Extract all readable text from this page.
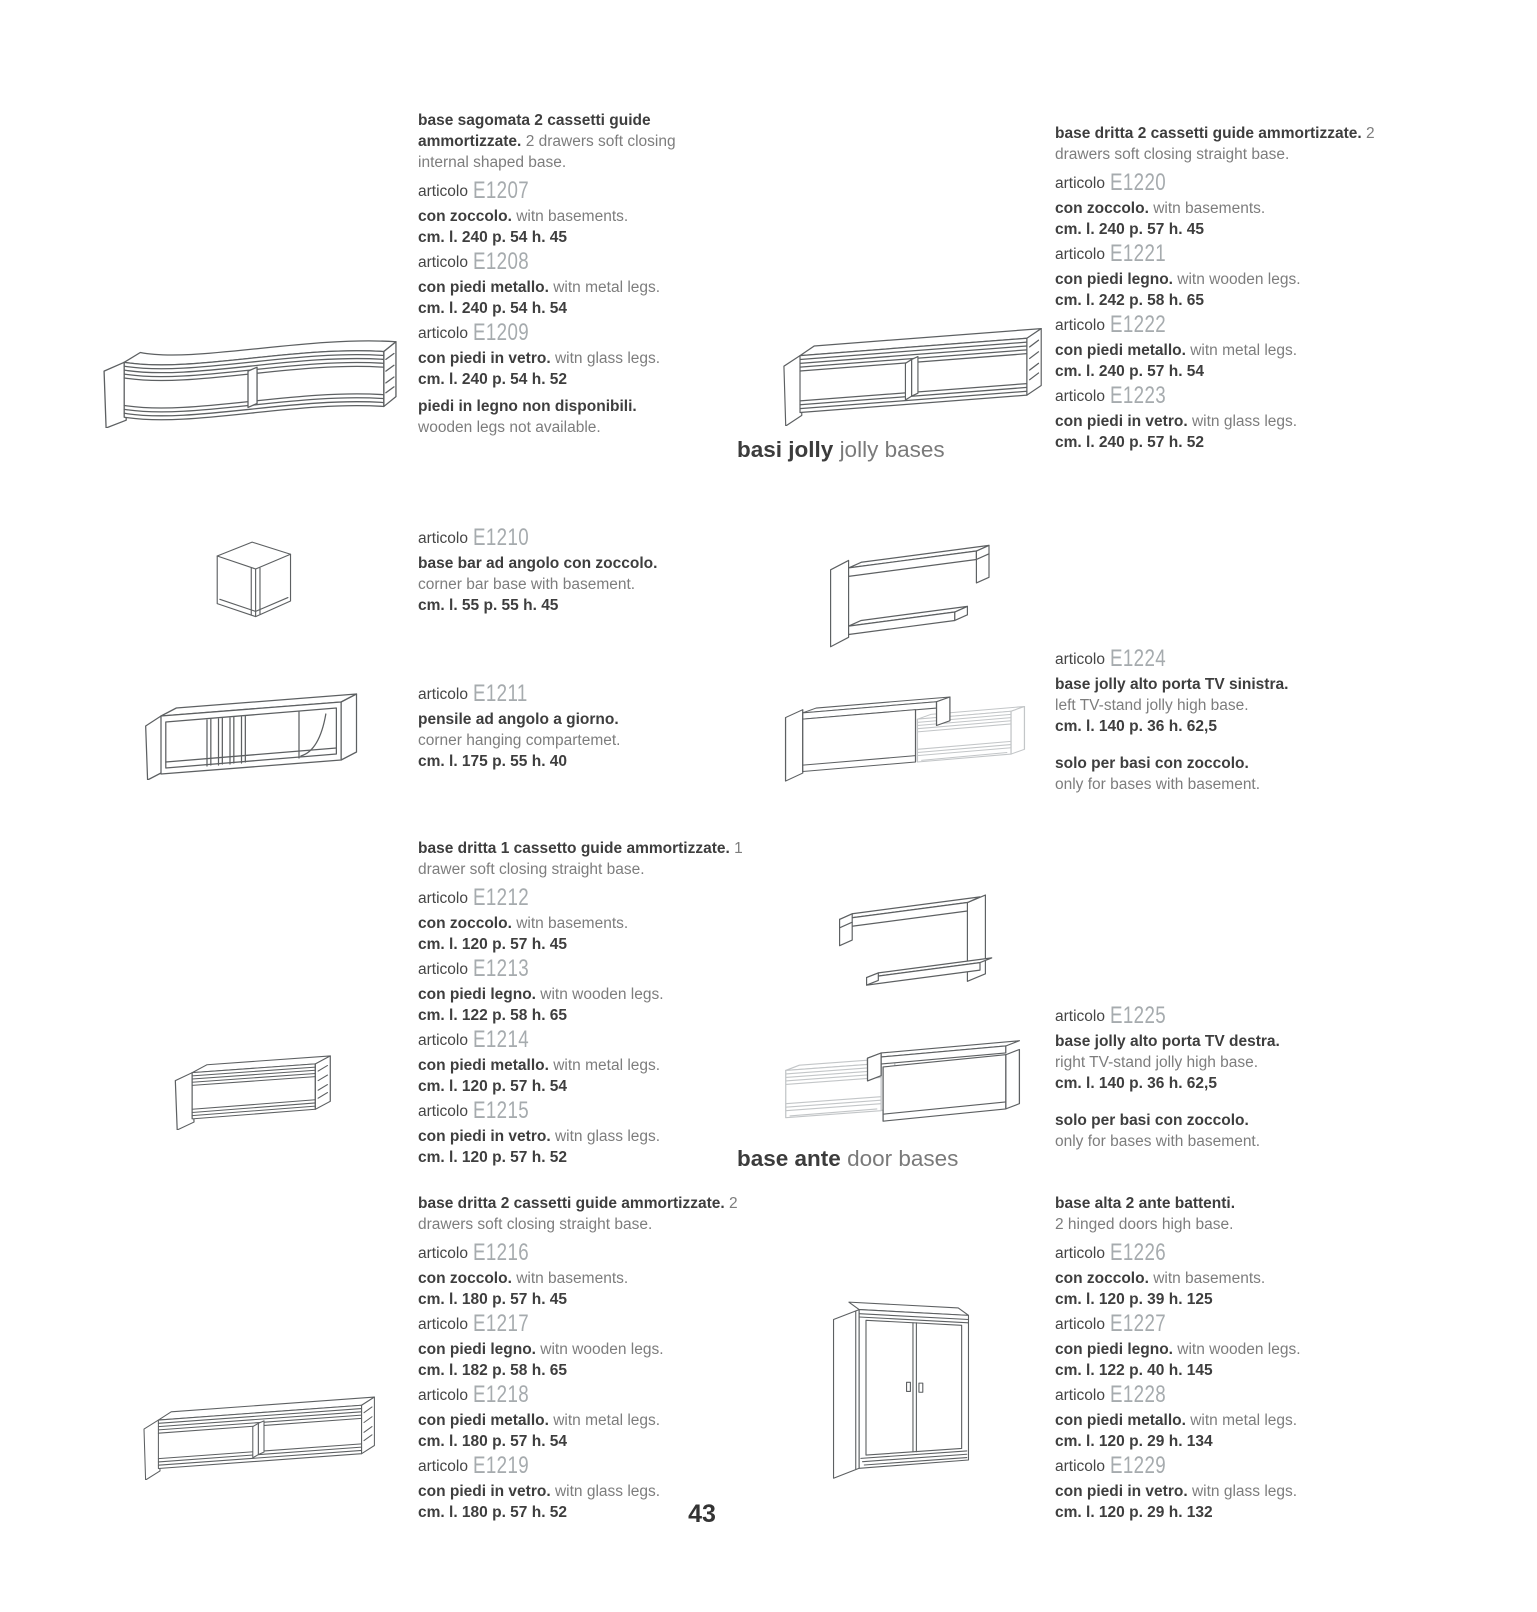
basi jolly jolly bases
base ante door bases
base sagomata 2 cassetti guide ammortizzate. 2 drawers soft closing internal shaped base.
articolo E1207
con zoccolo. witn basements.
cm. l. 240 p. 54 h. 45
articolo E1208
con piedi metallo. witn metal legs.
cm. l. 240 p. 54 h. 54
articolo E1209
con piedi in vetro. witn glass legs.
cm. l. 240 p. 54 h. 52
piedi in legno non disponibili.
wooden legs not available.
base dritta 2 cassetti guide ammortizzate. 2 drawers soft closing straight base.
articolo E1220
con zoccolo. witn basements.
cm. l. 240 p. 57 h. 45
articolo E1221
con piedi legno. witn wooden legs.
cm. l. 242 p. 58 h. 65
articolo E1222
con piedi metallo. witn metal legs.
cm. l. 240 p. 57 h. 54
articolo E1223
con piedi in vetro. witn glass legs.
cm. l. 240 p. 57 h. 52
articolo E1210
base bar ad angolo con zoccolo.
corner bar base with basement.
cm. l. 55 p. 55 h. 45
articolo E1211
pensile ad angolo a giorno.
corner hanging compartemet.
cm. l. 175 p. 55 h. 40
articolo E1224
base jolly alto porta TV sinistra.
left TV-stand jolly high base.
cm. l. 140 p. 36 h. 62,5
solo per basi con zoccolo.
only for bases with basement.
base dritta 1 cassetto guide ammortizzate. 1 drawer soft closing straight base.
articolo E1212
con zoccolo. witn basements.
cm. l. 120 p. 57 h. 45
articolo E1213
con piedi legno. witn wooden legs.
cm. l. 122 p. 58 h. 65
articolo E1214
con piedi metallo. witn metal legs.
cm. l. 120 p. 57 h. 54
articolo E1215
con piedi in vetro. witn glass legs.
cm. l. 120 p. 57 h. 52
articolo E1225
base jolly alto porta TV destra.
right TV-stand jolly high base.
cm. l. 140 p. 36 h. 62,5
solo per basi con zoccolo.
only for bases with basement.
base dritta 2 cassetti guide ammortizzate. 2 drawers soft closing straight base.
articolo E1216
con zoccolo. witn basements.
cm. l. 180 p. 57 h. 45
articolo E1217
con piedi legno. witn wooden legs.
cm. l. 182 p. 58 h. 65
articolo E1218
con piedi metallo. witn metal legs.
cm. l. 180 p. 57 h. 54
articolo E1219
con piedi in vetro. witn glass legs.
cm. l. 180 p. 57 h. 52
base alta 2 ante battenti.
2 hinged doors high base.
articolo E1226
con zoccolo. witn basements.
cm. l. 120 p. 39 h. 125
articolo E1227
con piedi legno. witn wooden legs.
cm. l. 122 p. 40 h. 145
articolo E1228
con piedi metallo. witn metal legs.
cm. l. 120 p. 29 h. 134
articolo E1229
con piedi in vetro. witn glass legs.
cm. l. 120 p. 29 h. 132
43
